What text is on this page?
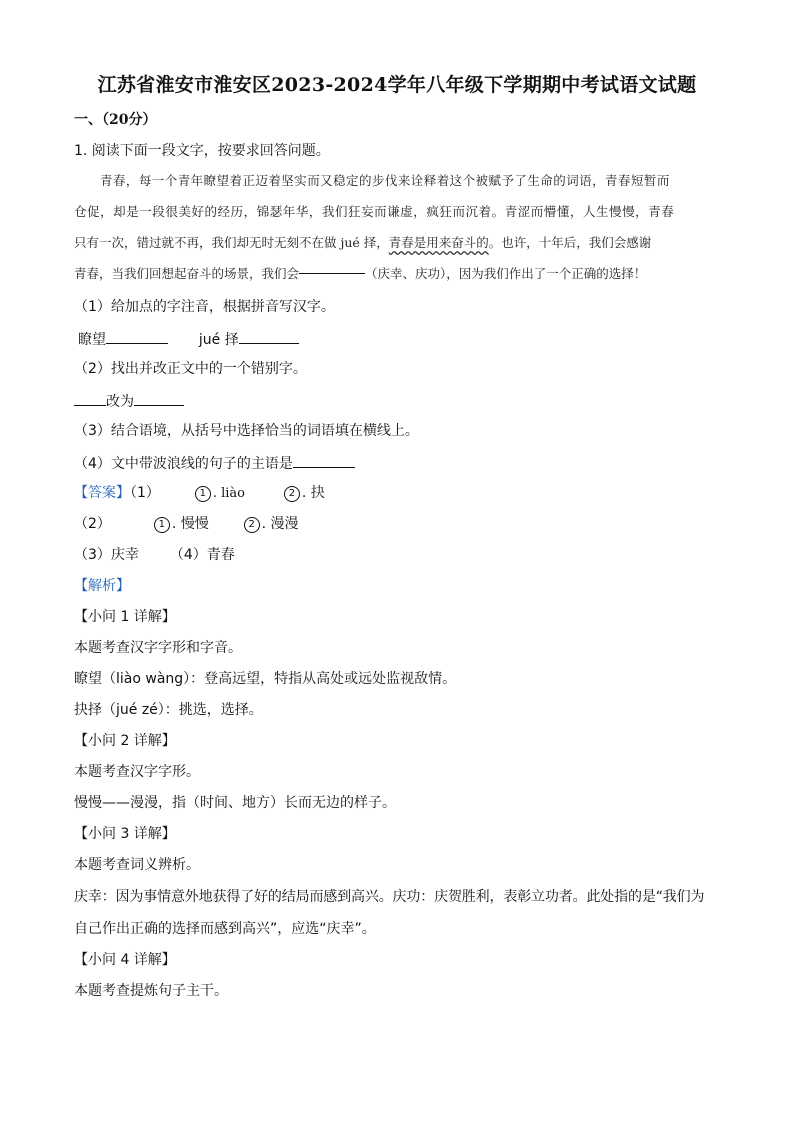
江苏省淮安市淮安区2023-2024学年八年级下学期期中考试语文试题
一、（20分）
1. 阅读下面一段文字，按要求回答问题。
青春，每一个青年瞭望着正迈着坚实而又稳定的步伐来诠释着这个被赋予了生命的词语，青春短暂而
仓促，却是一段很美好的经历，锦瑟年华，我们狂妄而谦虚，疯狂而沉着。青涩而懵懂，人生慢慢，青春
只有一次，错过就不再，我们却无时无刻不在做 jué 择，青春是用来奋斗的。也许，十年后，我们会感谢
青春，当我们回想起奋斗的场景，我们会	（庆幸、庆功），因为我们作出了一个正确的选择！
（1）给加点的字注音，根据拼音写汉字。
瞭望	jué 择
（2）找出并改正文中的一个错别字。
改为
（3）结合语境，从括号中选择恰当的词语填在横线上。
（4）文中带波浪线的句子的主语是
【答案】（1）	1 . liào	2 . 抉
（2）	1 . 慢慢	2 . 漫漫
（3）庆幸 （4）青春
【解析】
【小问 1 详解】
本题考查汉字字形和字音。
瞭望（liào wàng）：登高远望，特指从高处或远处监视敌情。
抉择（jué zé）：挑选，选择。
【小问 2 详解】
本题考查汉字字形。
慢慢——漫漫，指（时间、地方）长而无边的样子。
【小问 3 详解】
本题考查词义辨析。
庆幸：因为事情意外地获得了好的结局而感到高兴。庆功：庆贺胜利，表彰立功者。此处指的是“我们为
自己作出正确的选择而感到高兴”，应选“庆幸”。
【小问 4 详解】
本题考查提炼句子主干。
